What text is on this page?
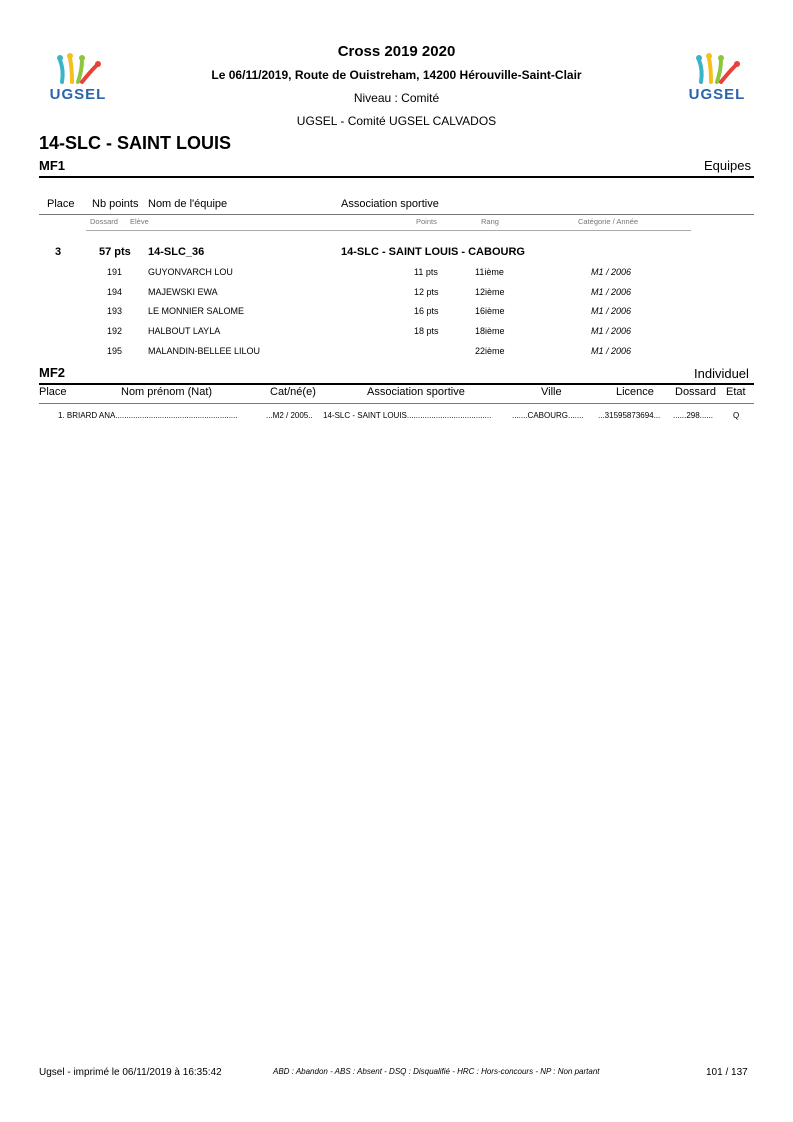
UGSEL	UGSEL
Cross 2019 2020
Le 06/11/2019, Route de Ouistreham, 14200 Hérouville-Saint-Clair
Niveau : Comité
UGSEL - Comité UGSEL CALVADOS
14-SLC - SAINT LOUIS
MF1	Equipes
Place Nb points Nom de l'équipe	Association sportive
Dossard Elève	Points	Rang	Catégorie / Année
3	57 pts 14-SLC_36	14-SLC - SAINT LOUIS - CABOURG
191	GUYONVARCH LOU	11 pts	11ième	M1 / 2006
194	MAJEWSKI EWA	12 pts	12ième	M1 / 2006
193	LE MONNIER SALOME	16 pts	16ième	M1 / 2006
192	HALBOUT LAYLA	18 pts	18ième	M1 / 2006
195	MALANDIN-BELLEE LILOU	22ième	M1 / 2006
MF2	Individuel
Place	Nom prénom (Nat)	Cat/né(e)	Association sportive	Ville	Licence Dossard Etat
1. BRIARD ANA.......................................................	...M2 / 2005.. 14-SLC - SAINT LOUIS......................................	.......CABOURG....... ...31595873694... ......298...... Q
Ugsel - imprimé le 06/11/2019 à 16:35:42	ABD : Abandon - ABS : Absent - DSQ : Disqualifié - HRC : Hors-concours - NP : Non partant	101 / 137
